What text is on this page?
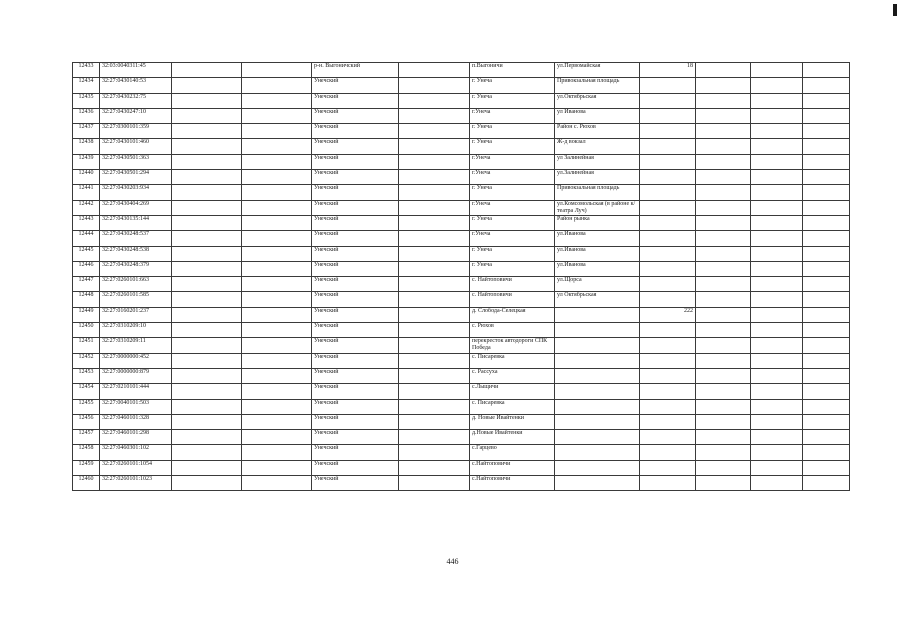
12433	32:03:0040311:45			р-н. Выгоничский		п.Выгоничи	ул.Первомайская	18			
12434	32:27:0430140:53			Унечский		г. Унеча	Привокзальная площадь				
12435	32:27:0430232:75			Унечский		г. Унеча	ул.Октябрьская				
12436	32:27:0430247:10			Унечский		г.Унеча	ул Иванова				
12437	32:27:0300101:359			Унечский		г. Унеча	Район с. Рюхов				
12438	32:27:0430101:460			Унечский		г. Унеча	Ж-д вокзал				
12439	32:27:0430501:363			Унечский		г.Унеча	ул Залинейная				
12440	32:27:0430501:294			Унечский		г.Унеча	ул.Залинейная				
12441	32:27:0430203:934			Унечский		г. Унеча	Привокзальная площадь				
12442	32:27:0430404:269			Унечский		г.Унеча	ул.Комсомольская (в районе к/театра Луч)				
12443	32:27:0430135:144			Унечский		г. Унеча	Район рынка				
12444	32:27:0430248:537			Унечский		г.Унеча	ул.Иванова				
12445	32:27:0430248:538			Унечский		г. Унеча	ул.Иванова				
12446	32:27:0430248:379			Унечский		г. Унеча	ул.Иванова				
12447	32:27:0260101:663			Унечский		с. Найтоповичи	ул.Щорса				
12448	32:27:0260101:585			Унечский		с. Найтоповичи	ул Октябрьская				
12449	32:27:0160201:237			Унечский		д. Слобода-Селецкая		222			
12450	32:27:0310209:10			Унечский		с. Рюхов					
12451	32:27:0310209:11			Унечский		перекресток автодороги СПК Победа					
12452	32:27:0000000:452			Унечский		с. Писаревка					
12453	32:27:0000000:879			Унечский		с. Рассуха					
12454	32:27:0210101:444			Унечский		с.Лыщичи					
12455	32:27:0040101:503			Унечский		с. Писаревка					
12456	32:27:0460101:328			Унечский		д. Новые Ивайтенки					
12457	32:27:0460101:298			Унечский		д.Новые Ивайтенки					
12458	32:27:0460301:102			Унечский		с.Гарцево					
12459	32:27:0260101:1054			Унечский		с.Найтоповичи					
12460	32:27:0260101:1023			Унечский		с.Найтоповичи					
446
